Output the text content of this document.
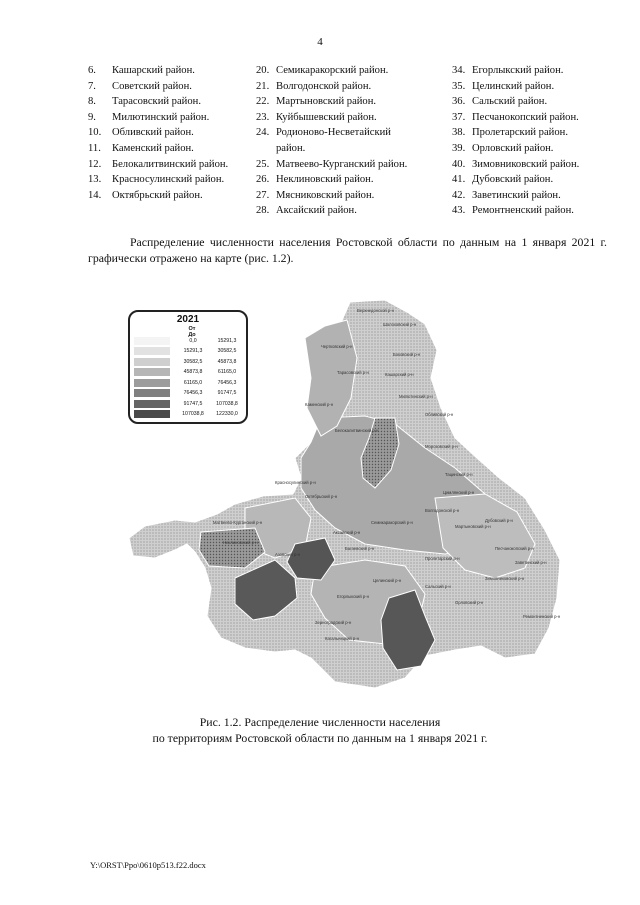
4
6.	Кашарский район.
7.	Советский район.
8.	Тарасовский район.
9.	Милютинский район.
10.	Обливский район.
11.	Каменский район.
12.	Белокалитвинский район.
13.	Красносулинский район.
14.	Октябрьский район.
20. Семикаракорский район.
21. Волгодонской район.
22. Мартыновский район.
23. Куйбышевский район.
24. Родионово-Несветайский
район.
25. Матвеево-Курганский район.
26. Неклиновский район.
27. Мясниковский район.
28. Аксайский район.
34. Егорлыкский район.
35. Целинский район.
36. Сальский район.
37. Песчанокопский район.
38. Пролетарский район.
39. Орловский район.
40. Зимовниковский район.
41. Дубовский район.
42. Заветинский район.
43. Ремонтненский район.
Распределение численности населения Ростовской области по данным на 1 января 2021 г. графически отражено на карте (рис. 1.2).
Верхнедонской р-н
Шолоховский р-н
Чертковский р-н
Боковский р-н
Кашарский р-н
Милютинский р-н
Обливский р-н
Тарасовский р-н
Каменский р-н
Белокалитвинский р-н
Морозовский р-н
Тацинский р-н
Красносулинский р-н
Октябрьский р-н
Матвеево-Курганский р-н
Неклиновский р-н
Азовский р-н
Аксайский р-н
Багаевский р-н
Семикаракорский р-н
Цимлянский р-н
Волгодонской р-н
Мартыновский р-н
Дубовский р-н
Заветинский р-н
Ремонтненский р-н
Зимовниковский р-н
Орловский р-н
Пролетарский р-н
Сальский р-н
Целинский р-н
Егорлыкский р-н
Песчанокопский р-н
Зерноградский р-н
Кагальницкий р-н
2021
От До
0,0	15291,3
15291,3	30582,5
30582,5	45873,8
45873,8	61165,0
61165,0	76456,3
76456,3	91747,5
91747,5	107038,8
107038,8	122330,0
Рис. 1.2. Распределение численности населения
по территориям Ростовской области по данным на 1 января 2021 г.
Y:\ORST\Ppo\0610p513.f22.docx
